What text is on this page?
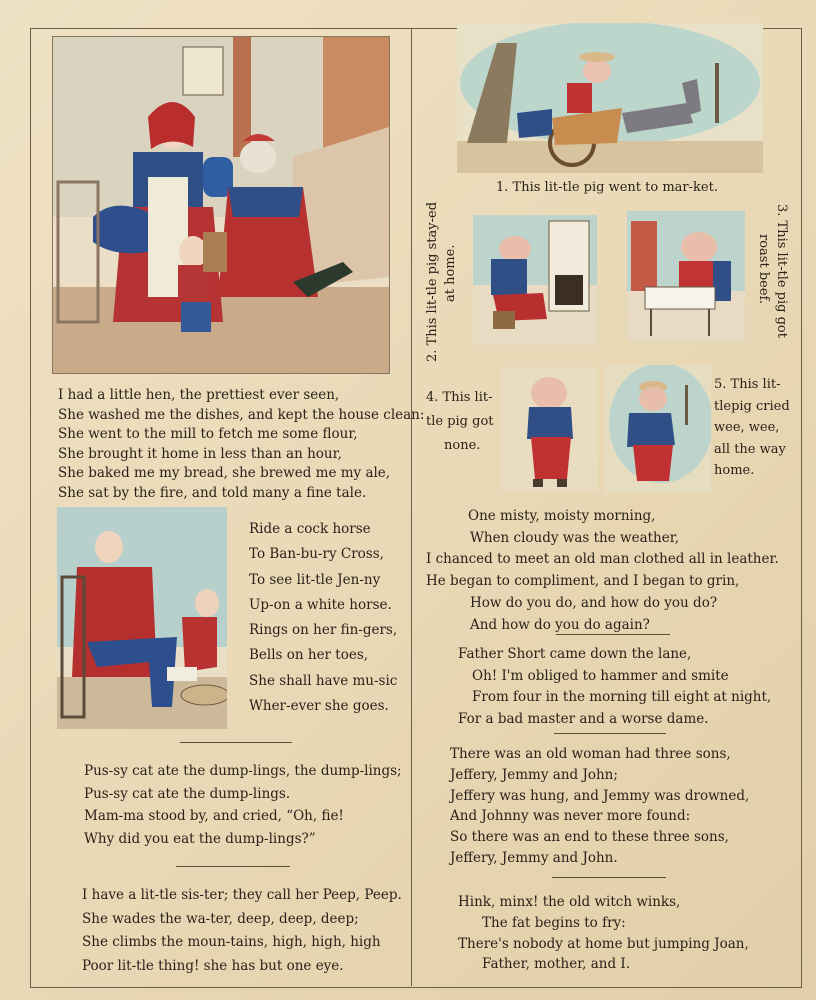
I had a little hen, the prettiest ever seen,
She washed me the dishes, and kept the house clean:
She went to the mill to fetch me some flour,
She brought it home in less than an hour,
She baked me my bread, she brewed me my ale,
She sat by the fire, and told many a fine tale.
Ride a cock horse
To Ban-bu-ry Cross,
To see lit-tle Jen-ny
Up-on a white horse.
Rings on her fin-gers,
Bells on her toes,
She shall have mu-sic
Wher-ever she goes.
Pus-sy cat ate the dump-lings, the dump-lings;
Pus-sy cat ate the dump-lings.
Mam-ma stood by, and cried, “Oh, fie!
Why did you eat the dump-lings?”
I have a lit-tle sis-ter; they call her Peep, Peep.
She wades the wa-ter, deep, deep, deep;
She climbs the moun-tains, high, high, high
Poor lit-tle thing! she has but one eye.
1. This lit-tle pig went to mar-ket.
2. This lit-tle pig stay-ed at home.	3. This lit-tle pig got
roast beef.
4. This lit-
tle pig got
none.
5. This lit-
tlepig cried
wee, wee,
all the way
home.
One misty, moisty morning,
When cloudy was the weather,
I chanced to meet an old man clothed all in leather.
He began to compliment, and I began to grin,
How do you do, and how do you do?
And how do you do again?
Father Short came down the lane,
Oh! I'm obliged to hammer and smite
From four in the morning till eight at night,
For a bad master and a worse dame.
There was an old woman had three sons,
Jeffery, Jemmy and John;
Jeffery was hung, and Jemmy was drowned,
And Johnny was never more found:
So there was an end to these three sons,
Jeffery, Jemmy and John.
Hink, minx! the old witch winks,
The fat begins to fry:
There's nobody at home but jumping Joan,
Father, mother, and I.
